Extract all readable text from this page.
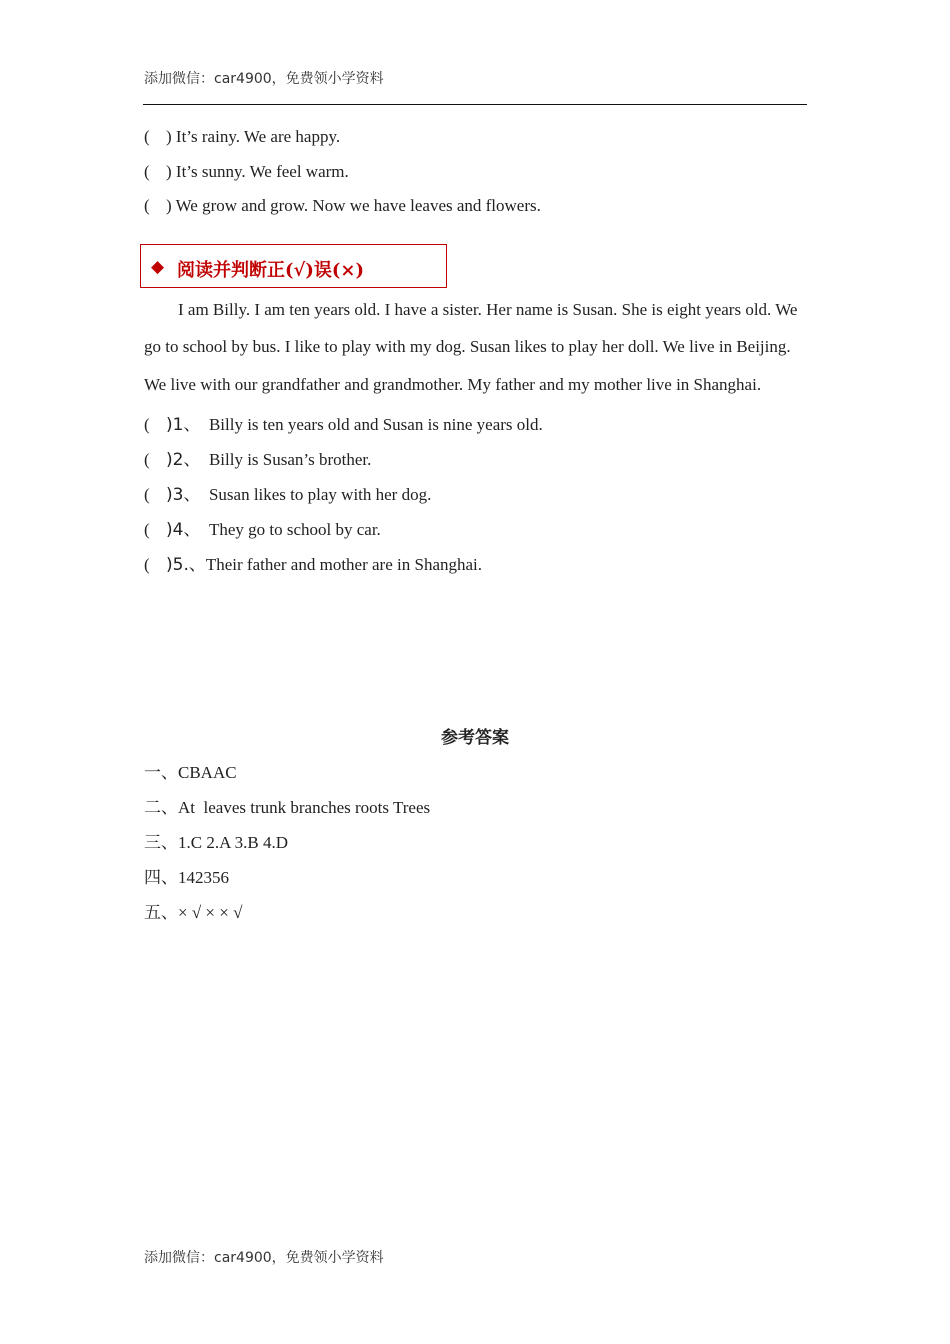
添加微信：car4900，免费领小学资料
( ) It’s rainy. We are happy.
( ) It’s sunny. We feel warm.
( ) We grow and grow. Now we have leaves and flowers.
◆ 阅读并判断正(√)误(×)
I am Billy. I am ten years old. I have a sister. Her name is Susan. She is eight years old. We
go to school by bus. I like to play with my dog. Susan likes to play her doll. We live in Beijing.
We live with our grandfather and grandmother. My father and my mother live in Shanghai.
( )1、  Billy is ten years old and Susan is nine years old.
( )2、  Billy is Susan’s brother.
( )3、  Susan likes to play with her dog.
( )4、  They go to school by car.
( )5.、Their father and mother are in Shanghai.
参考答案
一、CBAAC
二、At  leaves trunk branches roots Trees
三、1.C 2.A 3.B 4.D
四、142356
五、× √ × × √
添加微信：car4900，免费领小学资料
